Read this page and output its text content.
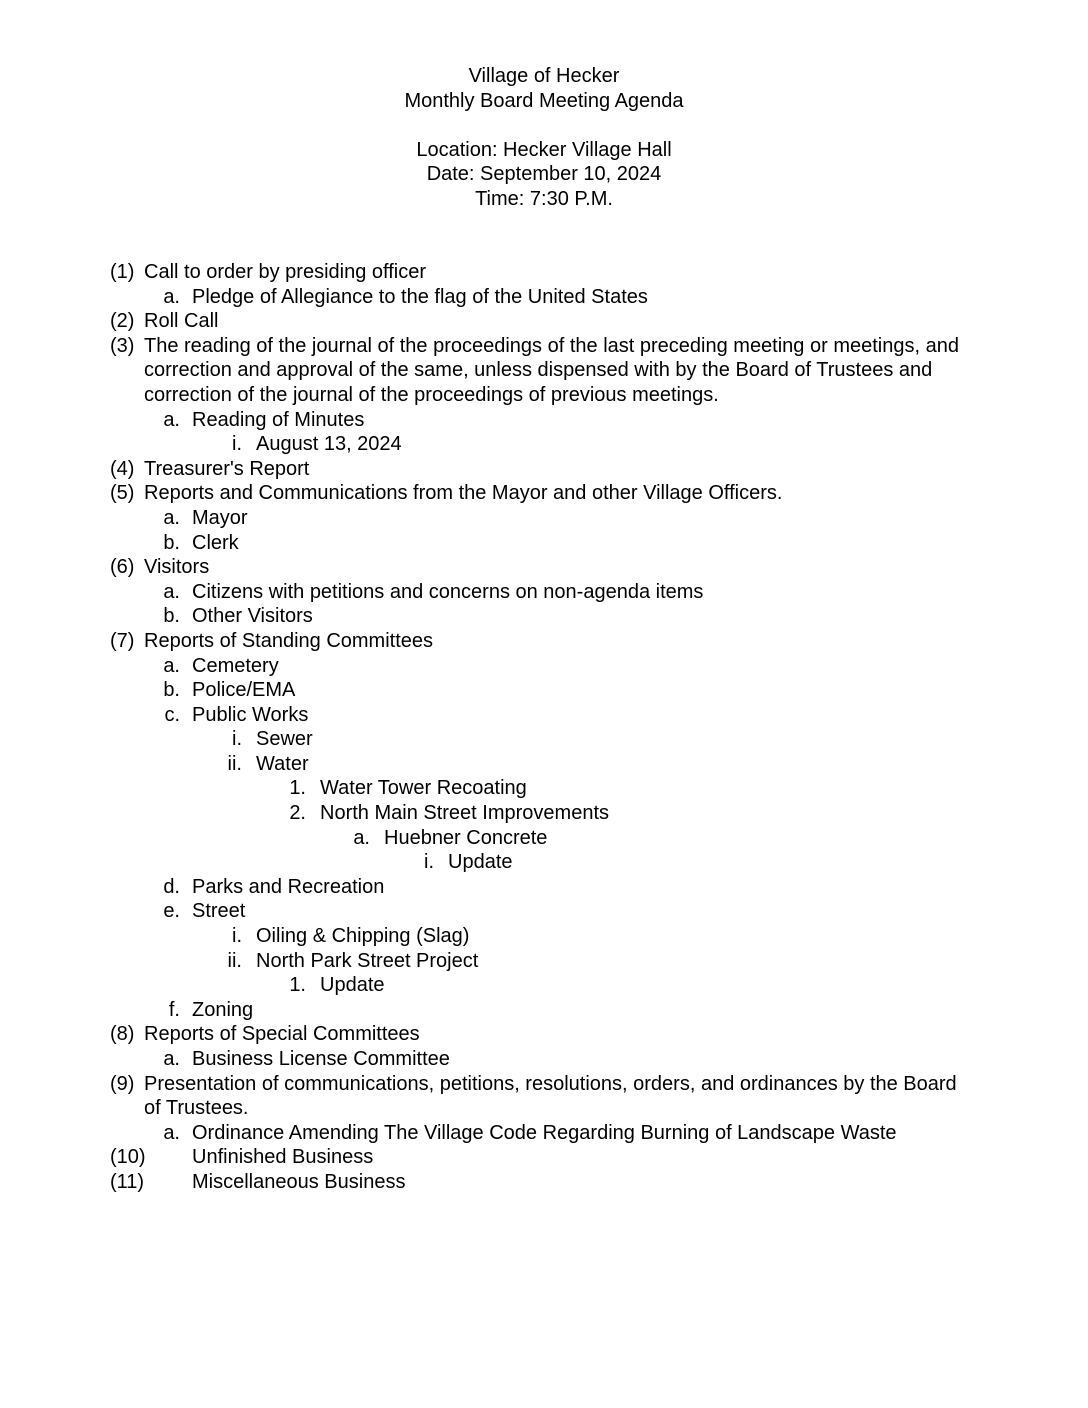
Village of Hecker
Monthly Board Meeting Agenda
Location: Hecker Village Hall
Date: September 10, 2024
Time: 7:30 P.M.
(1) Call to order by presiding officer
a. Pledge of Allegiance to the flag of the United States
(2) Roll Call
(3) The reading of the journal of the proceedings of the last preceding meeting or meetings, and
correction and approval of the same, unless dispensed with by the Board of Trustees and
correction of the journal of the proceedings of previous meetings.
a. Reading of Minutes
i. August 13, 2024
(4) Treasurer's Report
(5) Reports and Communications from the Mayor and other Village Officers.
a. Mayor
b. Clerk
(6) Visitors
a. Citizens with petitions and concerns on non-agenda items
b. Other Visitors
(7) Reports of Standing Committees
a. Cemetery
b. Police/EMA
c. Public Works
i. Sewer
ii. Water
1. Water Tower Recoating
2. North Main Street Improvements
a. Huebner Concrete
i. Update
d. Parks and Recreation
e. Street
i. Oiling & Chipping (Slag)
ii. North Park Street Project
1. Update
f. Zoning
(8) Reports of Special Committees
a. Business License Committee
(9) Presentation of communications, petitions, resolutions, orders, and ordinances by the Board
of Trustees.
a. Ordinance Amending The Village Code Regarding Burning of Landscape Waste
(10) Unfinished Business
(11) Miscellaneous Business
